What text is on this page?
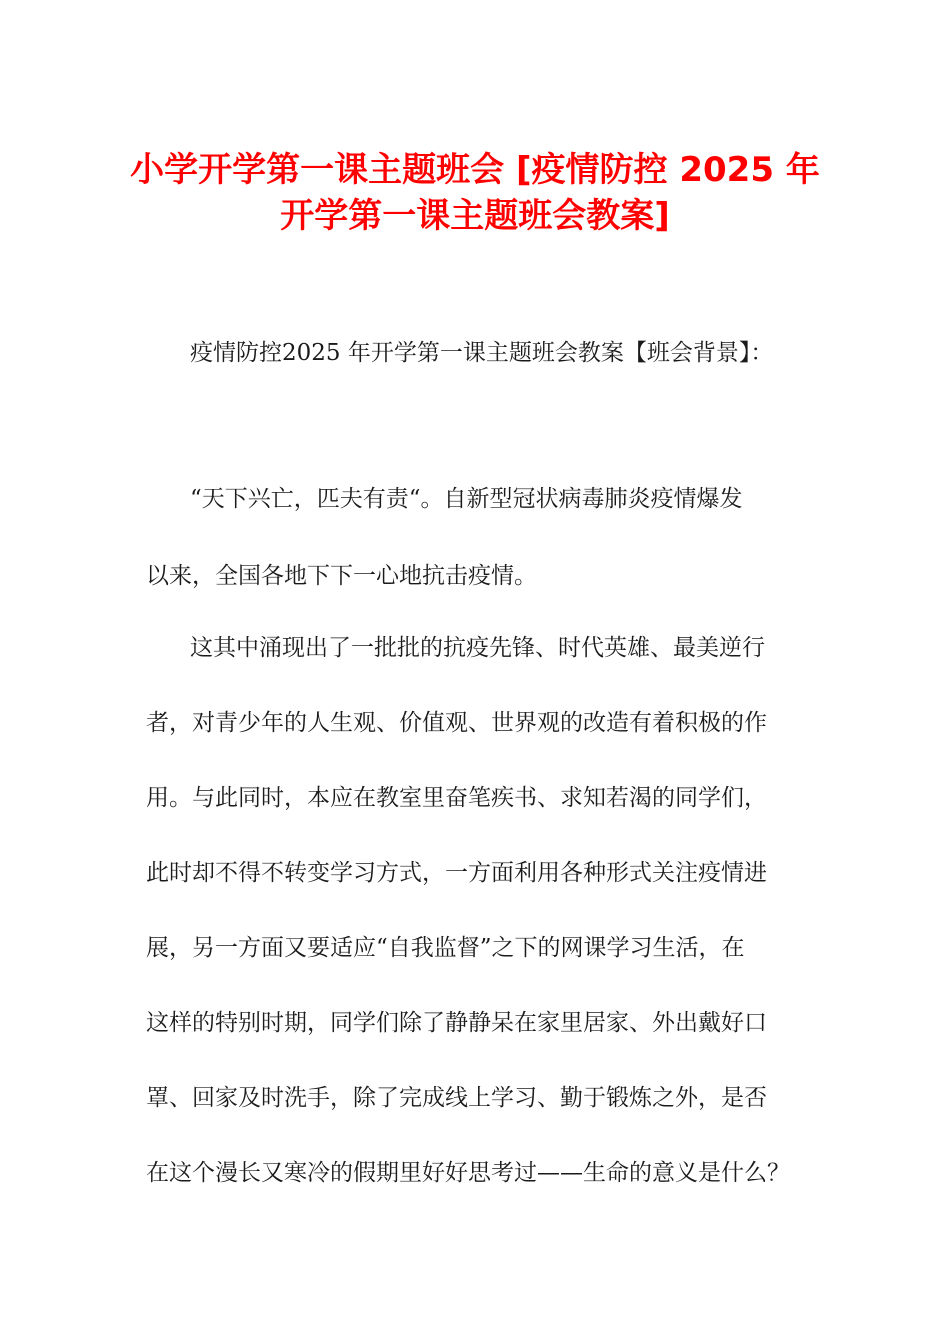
小学开学第一课主题班会 [疫情防控 2025 年
开学第一课主题班会教案]
疫情防控2025 年开学第一课主题班会教案【班会背景】：
“天下兴亡，匹夫有责“。自新型冠状病毒肺炎疫情爆发
以来，全国各地下下一心地抗击疫情。
这其中涌现出了一批批的抗疫先锋、时代英雄、最美逆行
者，对青少年的人生观、价值观、世界观的改造有着积极的作
用。与此同时，本应在教室里奋笔疾书、求知若渴的同学们，
此时却不得不转变学习方式，一方面利用各种形式关注疫情进
展，另一方面又要适应“自我监督”之下的网课学习生活，在
这样的特别时期，同学们除了静静呆在家里居家、外出戴好口
罩、回家及时洗手，除了完成线上学习、勤于锻炼之外，是否
在这个漫长又寒冷的假期里好好思考过——生命的意义是什么？
